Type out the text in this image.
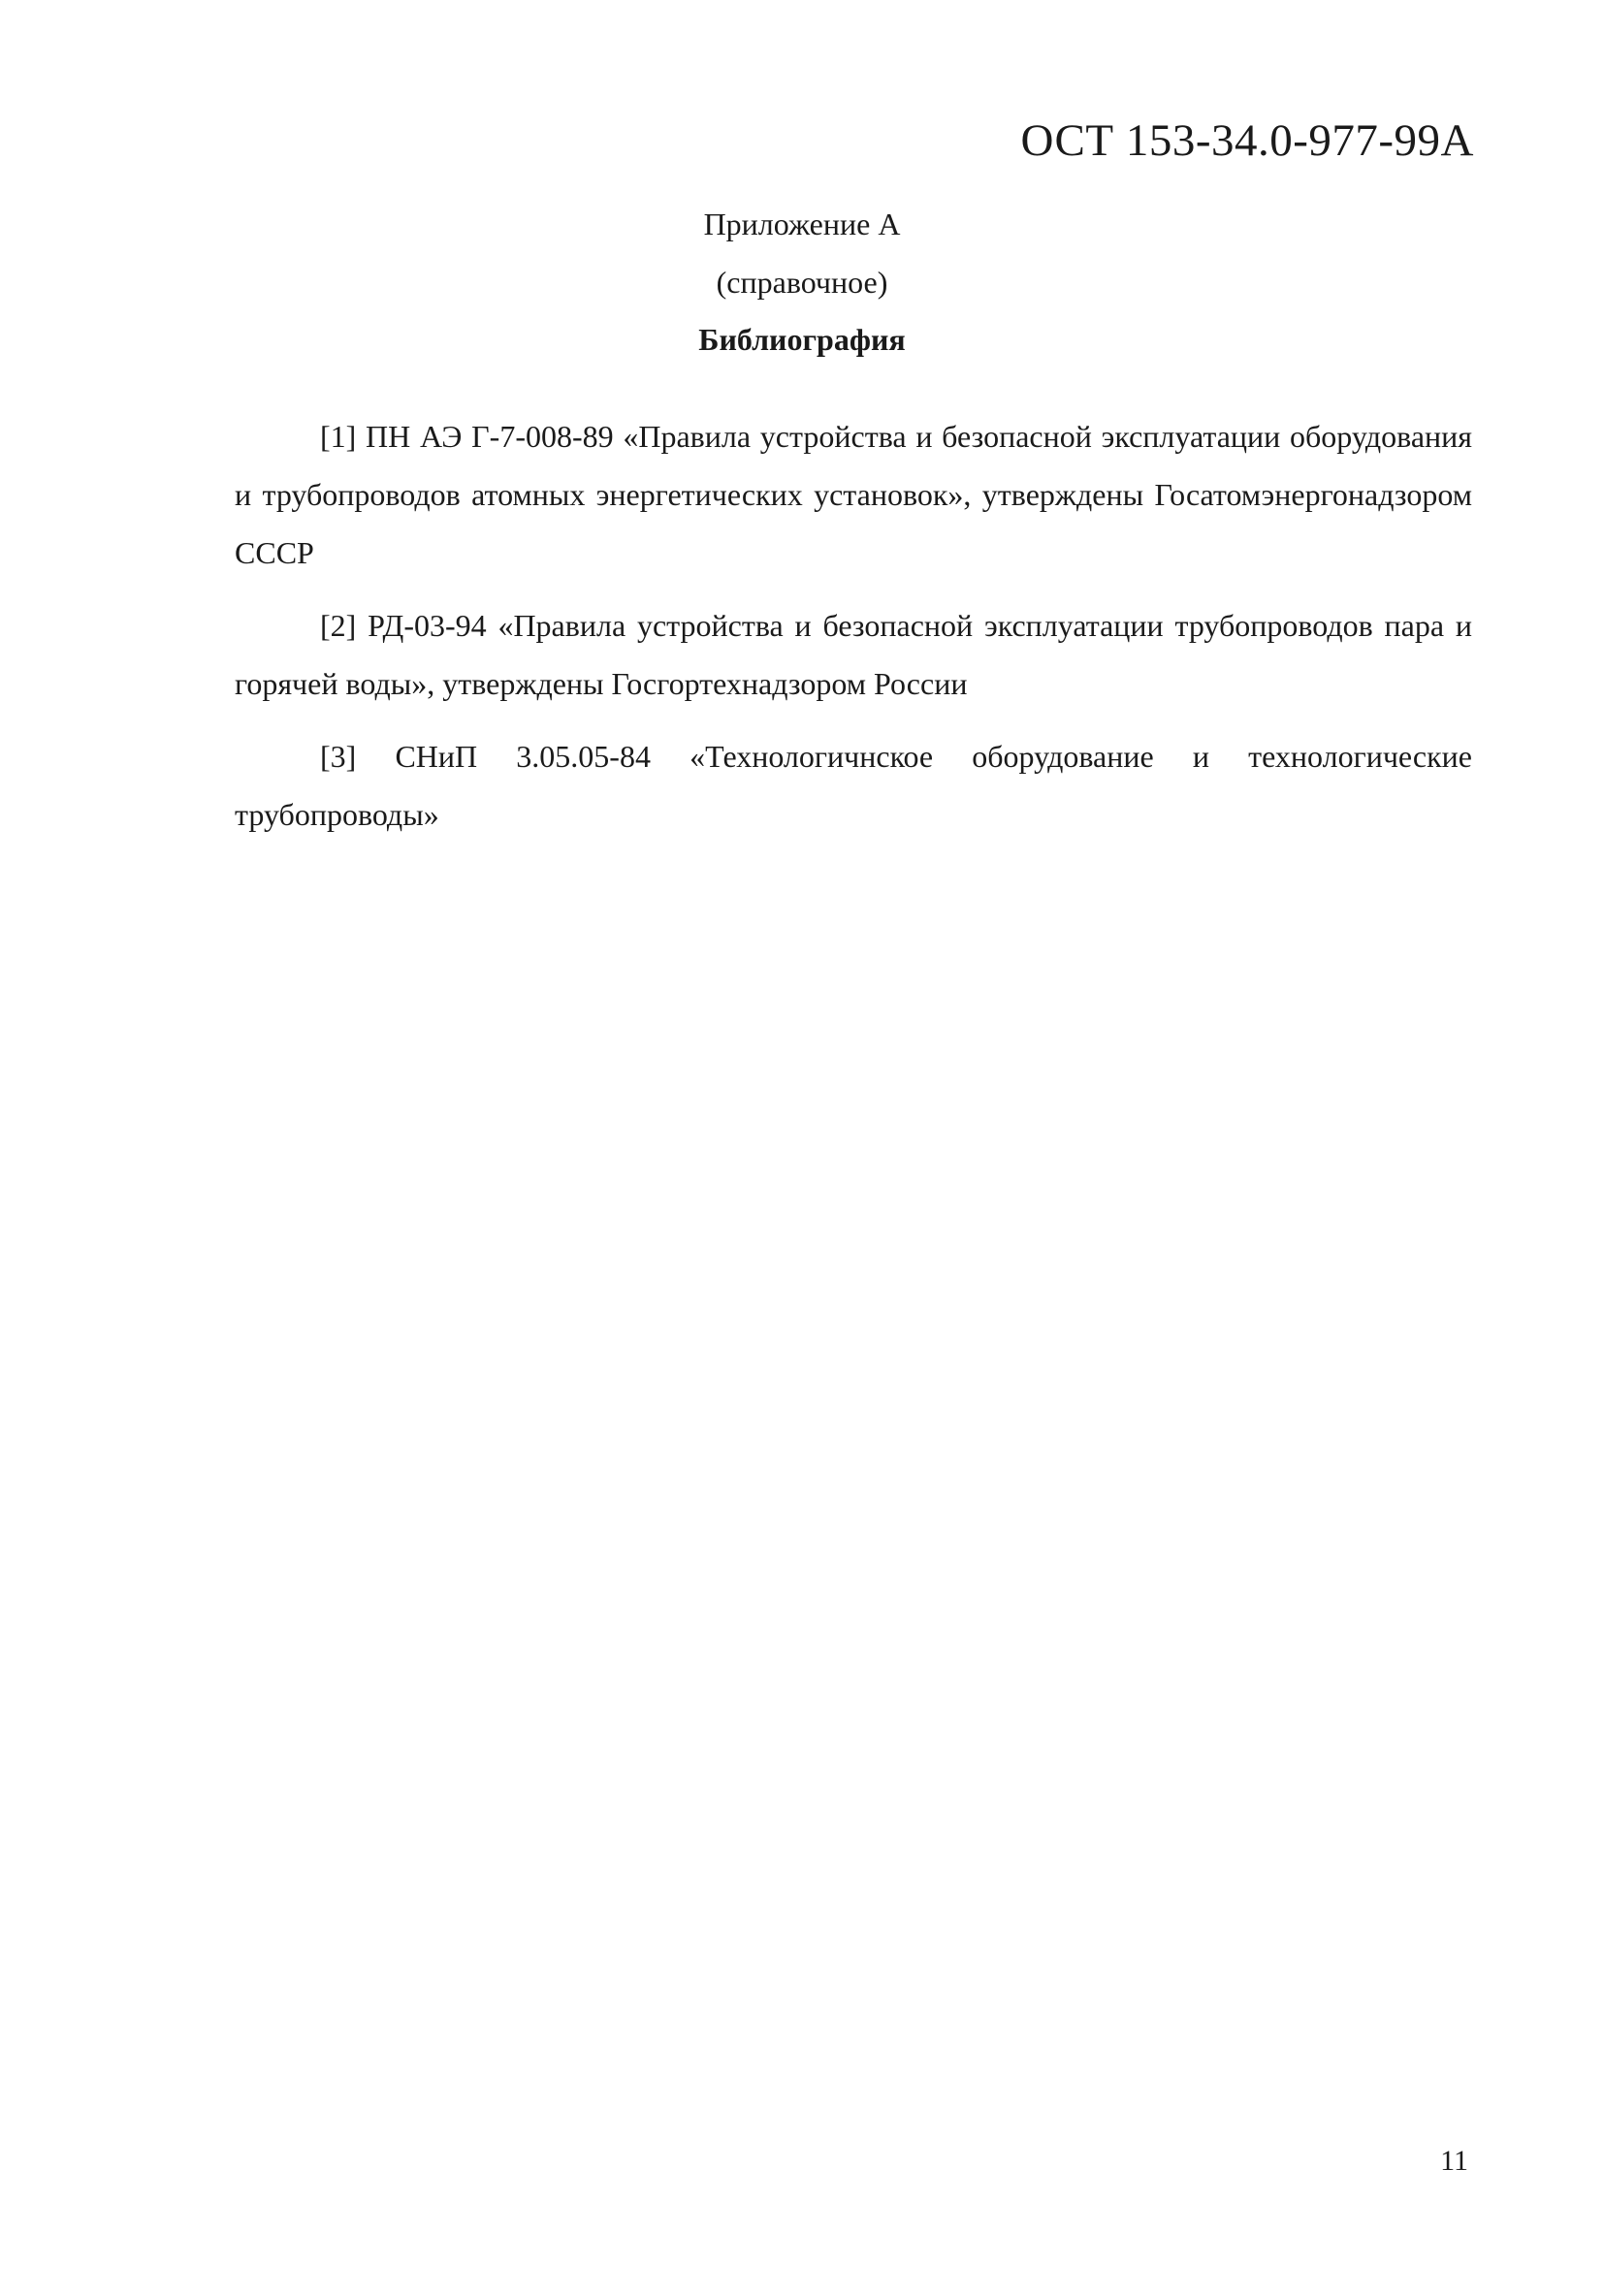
ОСТ 153-34.0-977-99А
Приложение А
(справочное)
Библиография

[1] ПН АЭ Г-7-008-89 «Правила устройства и безопасной эксплуатации оборудования и трубопроводов атомных энергетических установок», утверждены Госатомэнергонадзором СССР

[2] РД-03-94 «Правила устройства и безопасной эксплуатации трубопроводов пара и горячей воды», утверждены Госгортехнадзором России

[3] СНиП 3.05.05-84 «Технологичнское оборудование и технологические трубопроводы»

11
